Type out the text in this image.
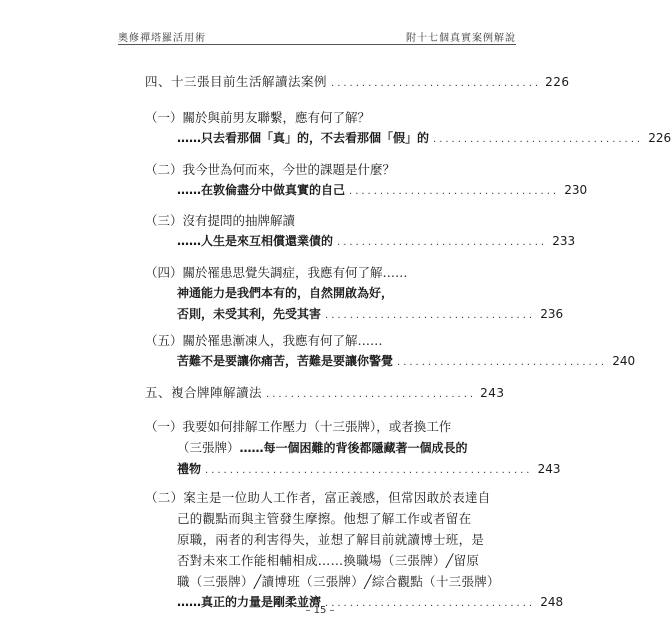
奧修禪塔羅活用術	附十七個真實案例解說
四、十三張目前生活解讀法案例 .................................. 226
（一）關於與前男友聯繫，應有何了解？
……只去看那個「真」的，不去看那個「假」的 .................................. 226
（二）我今世為何而來，今世的課題是什麼？
……在敦倫盡分中做真實的自己 .................................. 230
（三）沒有提問的抽牌解讀
……人生是來互相償還業債的 .................................. 233
（四）關於罹患思覺失調症，我應有何了解……
神通能力是我們本有的，自然開啟為好，
否則，未受其利，先受其害 .................................. 236
（五）關於罹患漸凍人，我應有何了解……
苦難不是要讓你痛苦，苦難是要讓你警覺 .................................. 240
五、複合牌陣解讀法 .................................. 243
（一）我要如何排解工作壓力（十三張牌），或者換工作
（三張牌） ……每一個困難的背後都隱藏著一個成長的
禮物 ..................................................... 243
（二）案主是一位助人工作者，富正義感，但常因敢於表達自
己的觀點而與主管發生摩擦。他想了解工作或者留在
原職，兩者的利害得失，並想了解目前就讀博士班，是
否對未來工作能相輔相成……換職場（三張牌）╱留原
職（三張牌）╱讀博班（三張牌）╱綜合觀點（十三張牌）
……真正的力量是剛柔並濟 .................................. 248
– 15 –
